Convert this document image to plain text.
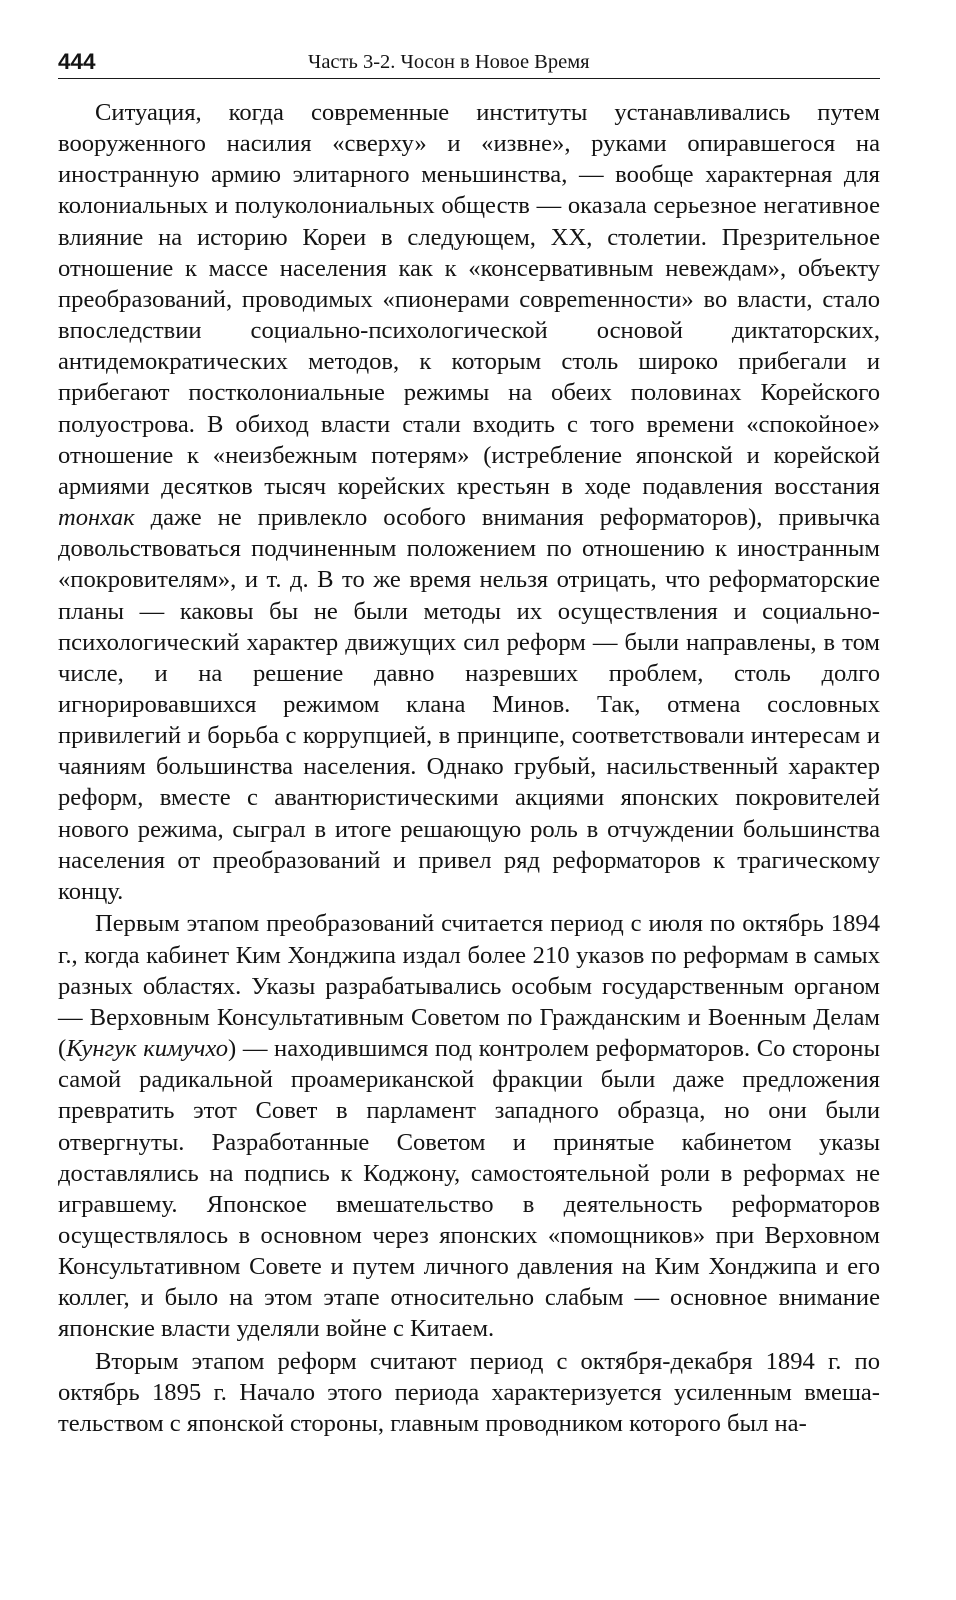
444	Часть 3-2. Чосон в Новое Время

Ситуация, когда современные институты устанавливались путем вооруженного насилия «сверху» и «извне», руками опиравшегося на иностранную армию элитарного меньшинства, — вообще характерная для колониальных и полуколониальных обществ — оказала серьезное негативное влияние на историю Кореи в следующем, XX, столетии. Презрительное отношение к массе населения как к «консервативным невеждам», объекту преобразований, проводимых «пионерами совреmенности» во власти, стало впоследствии социально-психологической основой диктаторских, антидемократических методов, к которым столь широко прибегали и прибегают постколониальные режимы на обеих половинах Корейского полуострова. В обиход власти стали входить с того времени «спокойное» отношение к «неизбежным потерям» (истребление японской и корейской армиями десятков тысяч корейских крестьян в ходе подавления восстания тонхак даже не привлекло особого внимания реформаторов), привычка довольствоваться подчиненным положением по отношению к иностранным «покровителям», и т. д. В то же время нельзя отрицать, что реформаторские планы — каковы бы не были методы их осуществления и социально-психологический характер движущих сил реформ — были направлены, в том числе, и на решение давно назревших проблем, столь долго игнорировавшихся режимом клана Минов. Так, отмена сословных привилегий и борьба с коррупцией, в принципе, соответствовали интересам и чаяниям большинства населения. Однако грубый, насильственный характер реформ, вместе с авантюристическими акциями японских покровителей нового режима, сыграл в итоге решающую роль в отчуждении большинства населения от преобразований и привел ряд реформаторов к трагическому концу.

Первым этапом преобразований считается период с июля по октябрь 1894 г., когда кабинет Ким Хонджипа издал более 210 указов по реформам в самых разных областях. Указы разрабатывались особым государственным органом — Верховным Консультативным Советом по Гражданским и Военным Делам (Кунгук кимучхо) — находившимся под контролем реформаторов. Со стороны самой радикальной проамериканской фракции были даже предложения превратить этот Совет в парламент западного образца, но они были отвергнуты. Разработанные Советом и принятые кабинетом указы доставлялись на подпись к Коджону, самостоятельной роли в реформах не игравшему. Японское вмешательство в деятельность реформаторов осуществлялось в основном через японских «помощников» при Верховном Консультативном Совете и путем личного давления на Ким Хонджипа и его коллег, и было на этом этапе относительно слабым — основное внимание японские власти уделяли войне с Китаем.

Вторым этапом реформ считают период с октября-декабря 1894 г. по октябрь 1895 г. Начало этого периода характеризуется усиленным вмешательством с японской стороны, главным проводником которого был на-
